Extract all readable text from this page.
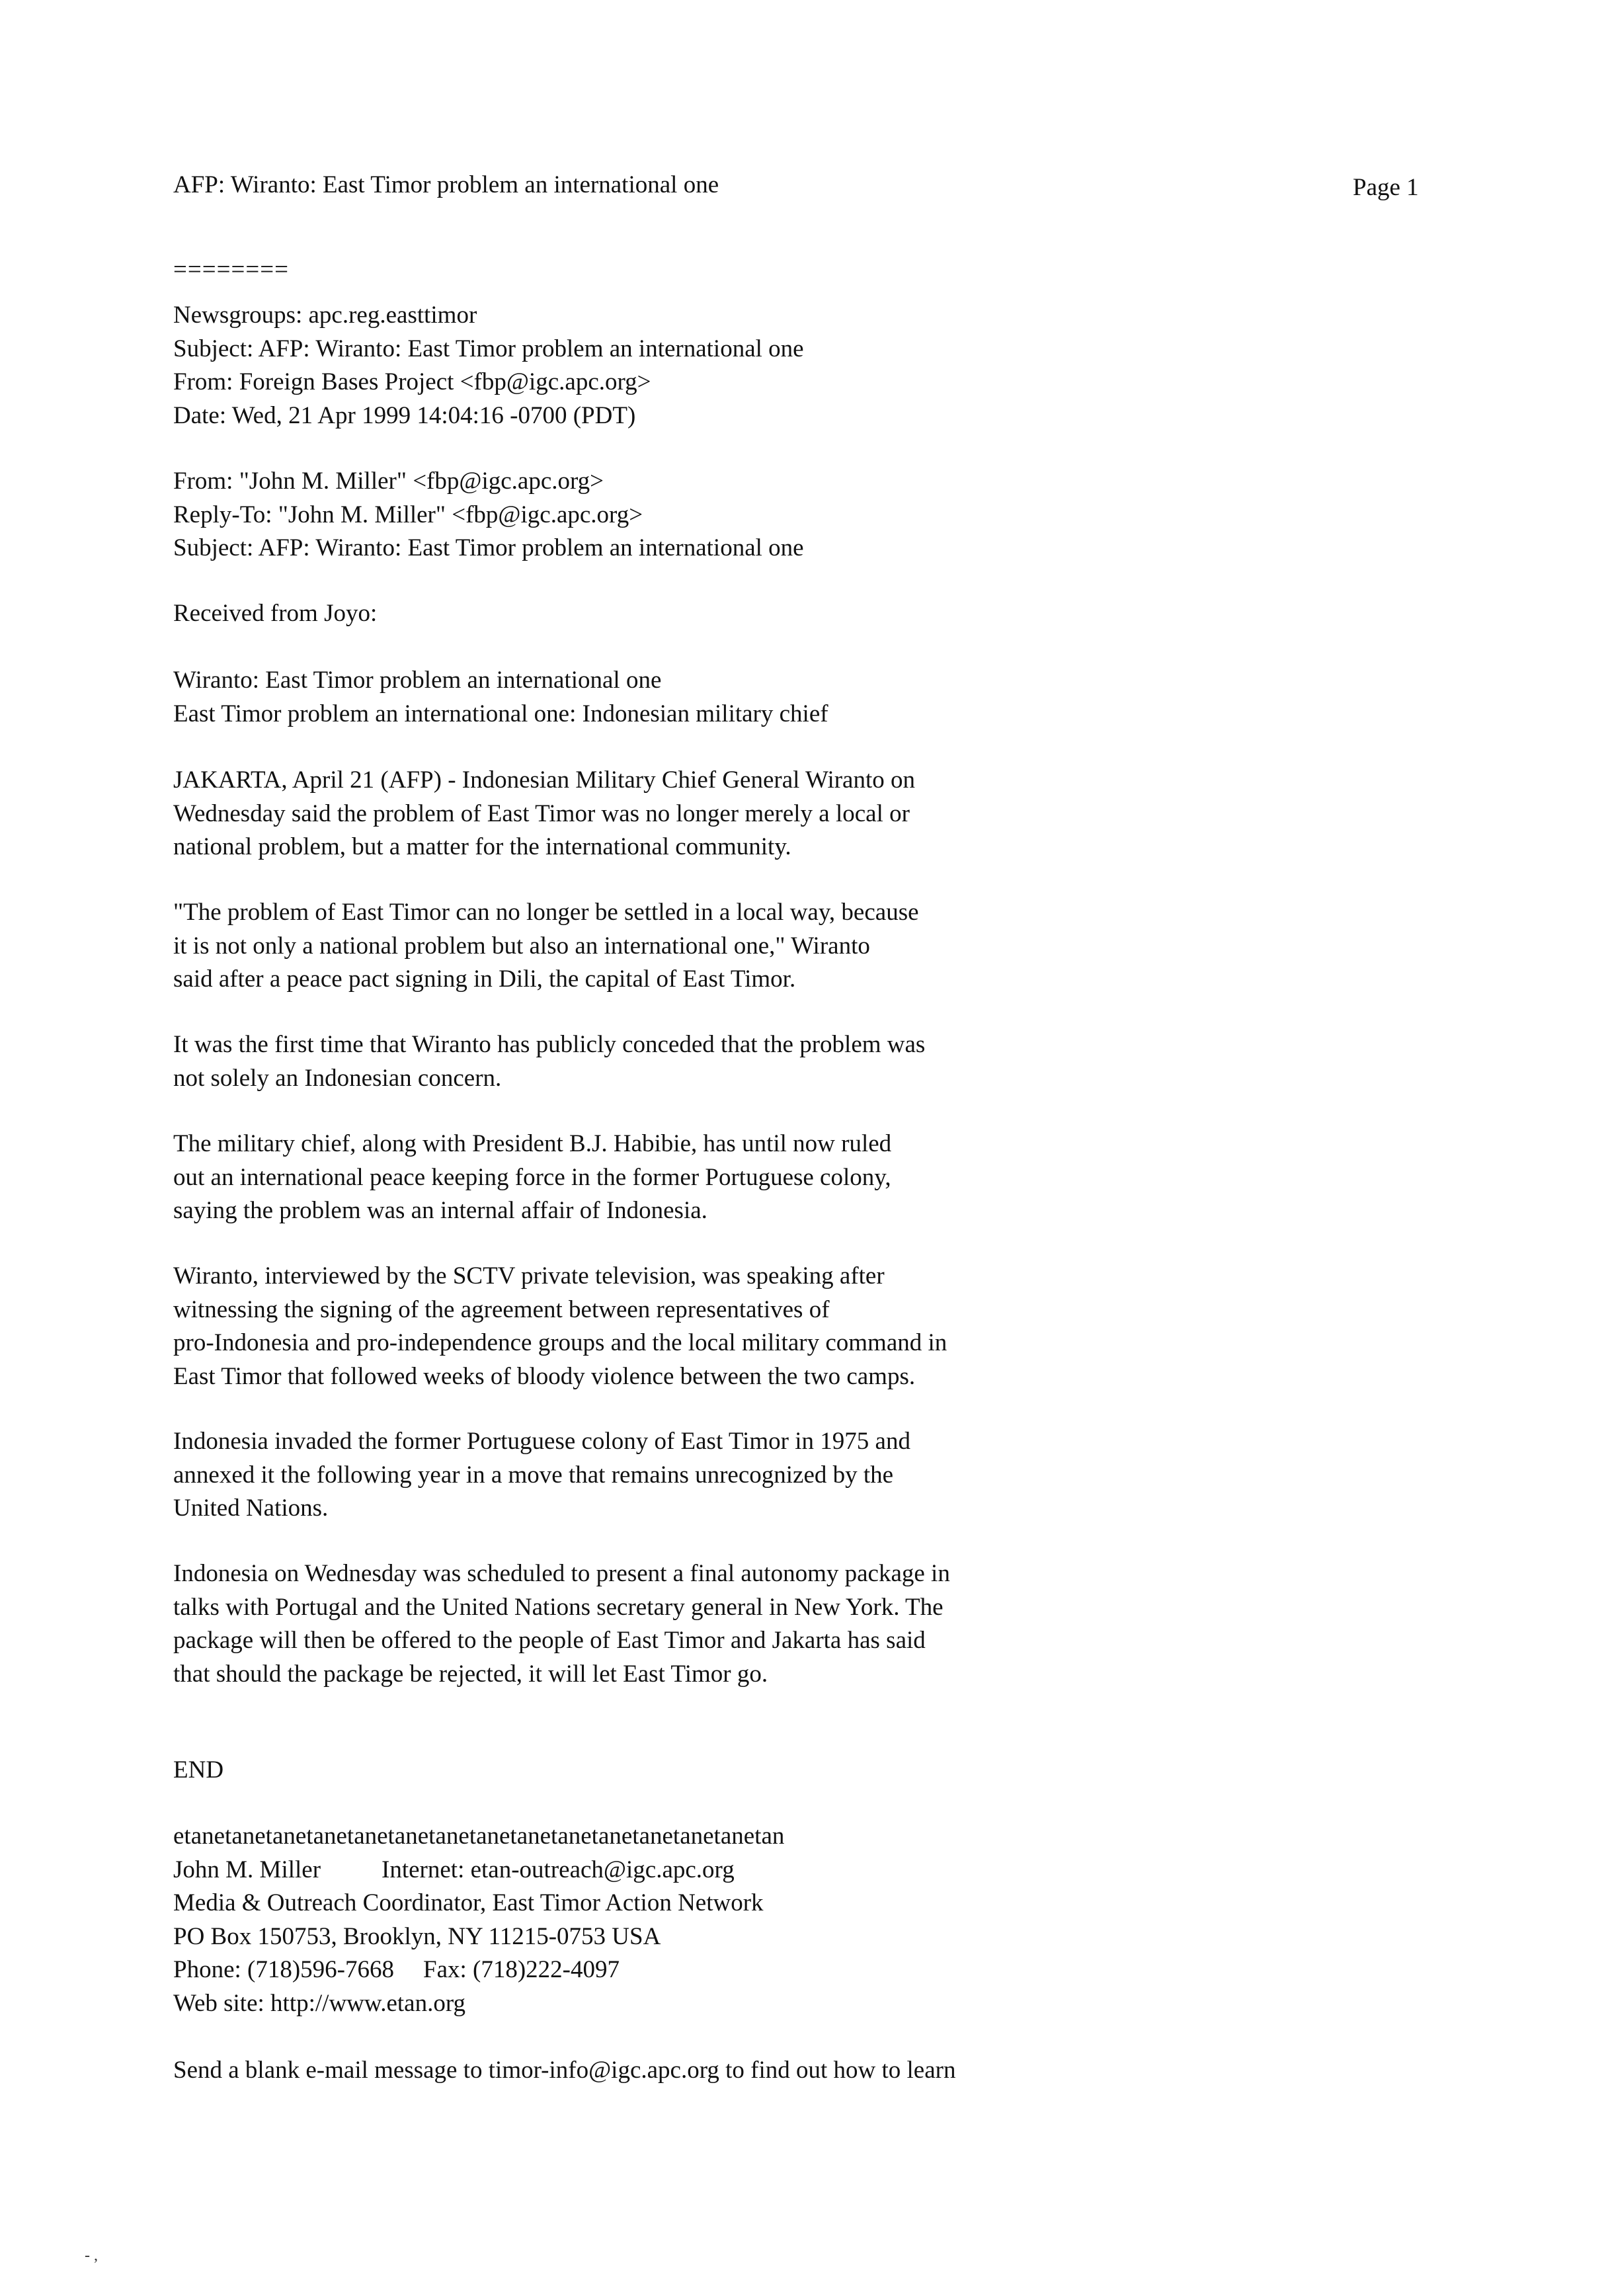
AFP: Wiranto: East Timor problem an international one	Page 1
========
Newsgroups: apc.reg.easttimor
Subject: AFP: Wiranto: East Timor problem an international one
From: Foreign Bases Project <fbp@igc.apc.org>
Date: Wed, 21 Apr 1999 14:04:16 -0700 (PDT)
From: "John M. Miller" <fbp@igc.apc.org>
Reply-To: "John M. Miller" <fbp@igc.apc.org>
Subject: AFP: Wiranto: East Timor problem an international one
Received from Joyo:
Wiranto: East Timor problem an international one
East Timor problem an international one: Indonesian military chief
JAKARTA, April 21 (AFP) - Indonesian Military Chief General Wiranto on
Wednesday said the problem of East Timor was no longer merely a local or
national problem, but a matter for the international community.
"The problem of East Timor can no longer be settled in a local way, because
it is not only a national problem but also an international one," Wiranto
said after a peace pact signing in Dili, the capital of East Timor.
It was the first time that Wiranto has publicly conceded that the problem was
not solely an Indonesian concern.
The military chief, along with President B.J. Habibie, has until now ruled
out an international peace keeping force in the former Portuguese colony,
saying the problem was an internal affair of Indonesia.
Wiranto, interviewed by the SCTV private television, was speaking after
witnessing the signing of the agreement between representatives of
pro-Indonesia and pro-independence groups and the local military command in
East Timor that followed weeks of bloody violence between the two camps.
Indonesia invaded the former Portuguese colony of East Timor in 1975 and
annexed it the following year in a move that remains unrecognized by the
United Nations.
Indonesia on Wednesday was scheduled to present a final autonomy package in
talks with Portugal and the United Nations secretary general in New York. The
package will then be offered to the people of East Timor and Jakarta has said
that should the package be rejected, it will let East Timor go.
END
etanetanetanetanetanetanetanetanetanetanetanetanetanetanetan
John M. Miller Internet: etan-outreach@igc.apc.org
Media & Outreach Coordinator, East Timor Action Network
PO Box 150753, Brooklyn, NY 11215-0753 USA
Phone: (718)596-7668 Fax: (718)222-4097
Web site: http://www.etan.org
Send a blank e-mail message to timor-info@igc.apc.org to find out how to learn
- ,
